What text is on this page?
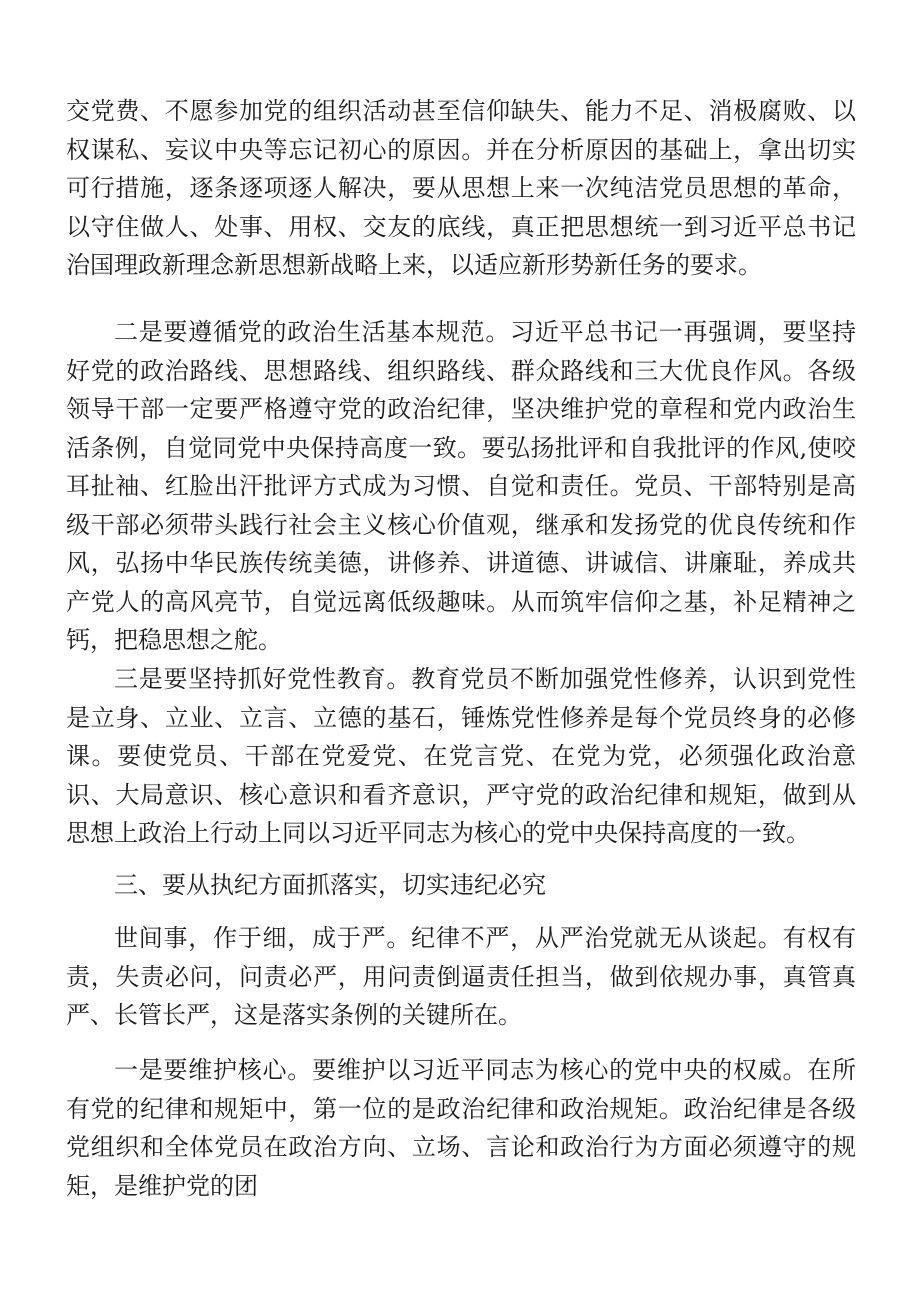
交党费、不愿参加党的组织活动甚至信仰缺失、能力不足、消极腐败、以权谋私、妄议中央等忘记初心的原因。并在分析原因的基础上，拿出切实可行措施，逐条逐项逐人解决，要从思想上来一次纯洁党员思想的革命，以守住做人、处事、用权、交友的底线，真正把思想统一到习近平总书记治国理政新理念新思想新战略上来，以适应新形势新任务的要求。

二是要遵循党的政治生活基本规范。习近平总书记一再强调，要坚持好党的政治路线、思想路线、组织路线、群众路线和三大优良作风。各级领导干部一定要严格遵守党的政治纪律，坚决维护党的章程和党内政治生活条例，自觉同党中央保持高度一致。要弘扬批评和自我批评的作风,使咬耳扯袖、红脸出汗批评方式成为习惯、自觉和责任。党员、干部特别是高级干部必须带头践行社会主义核心价值观，继承和发扬党的优良传统和作风，弘扬中华民族传统美德，讲修养、讲道德、讲诚信、讲廉耻，养成共产党人的高风亮节，自觉远离低级趣味。从而筑牢信仰之基，补足精神之钙，把稳思想之舵。

三是要坚持抓好党性教育。教育党员不断加强党性修养，认识到党性是立身、立业、立言、立德的基石，锤炼党性修养是每个党员终身的必修课。要使党员、干部在党爱党、在党言党、在党为党，必须强化政治意识、大局意识、核心意识和看齐意识，严守党的政治纪律和规矩，做到从思想上政治上行动上同以习近平同志为核心的党中央保持高度的一致。

三、要从执纪方面抓落实，切实违纪必究

世间事，作于细，成于严。纪律不严，从严治党就无从谈起。有权有责，失责必问，问责必严，用问责倒逼责任担当，做到依规办事，真管真严、长管长严，这是落实条例的关键所在。

一是要维护核心。要维护以习近平同志为核心的党中央的权威。在所有党的纪律和规矩中，第一位的是政治纪律和政治规矩。政治纪律是各级党组织和全体党员在政治方向、立场、言论和政治行为方面必须遵守的规矩，是维护党的团
